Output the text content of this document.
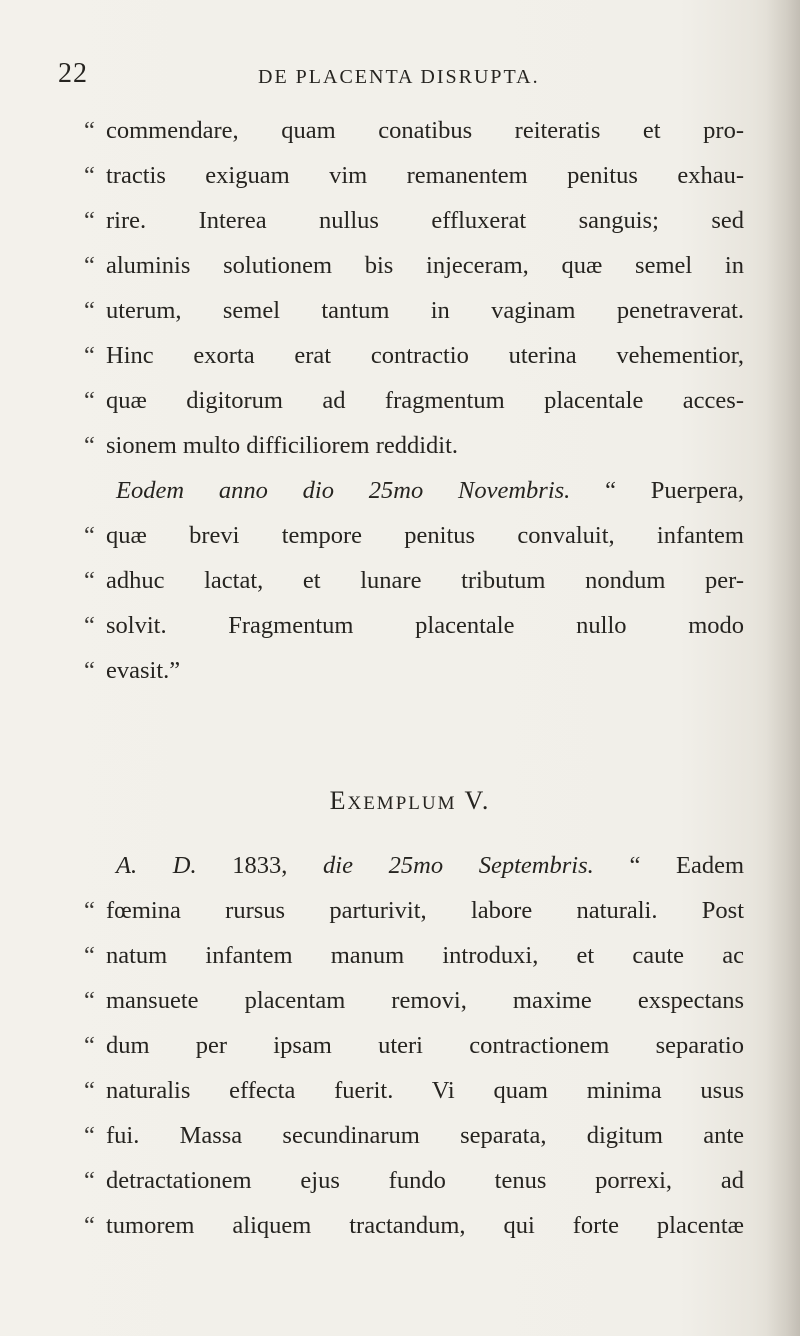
22	DE PLACENTA DISRUPTA.
“ commendare, quam conatibus reiteratis et pro-
“ tractis exiguam vim remanentem penitus exhau-
“ rire. Interea nullus effluxerat sanguis; sed
“ aluminis solutionem bis injeceram, quæ semel in
“ uterum, semel tantum in vaginam penetraverat.
“ Hinc exorta erat contractio uterina vehementior,
“ quæ digitorum ad fragmentum placentale acces-
“ sionem multo difficiliorem reddidit.
Eodem anno dio 25mo Novembris. “ Puerpera,
“ quæ brevi tempore penitus convaluit, infantem
“ adhuc lactat, et lunare tributum nondum per-
“ solvit. Fragmentum placentale nullo modo
“ evasit.”
EXEMPLUM V.
A. D. 1833, die 25mo Septembris. “ Eadem
“ fœmina rursus parturivit, labore naturali. Post
“ natum infantem manum introduxi, et caute ac
“ mansuete placentam removi, maxime exspectans
“ dum per ipsam uteri contractionem separatio
“ naturalis effecta fuerit. Vi quam minima usus
“ fui. Massa secundinarum separata, digitum ante
“ detractationem ejus fundo tenus porrexi, ad
“ tumorem aliquem tractandum, qui forte placentæ
